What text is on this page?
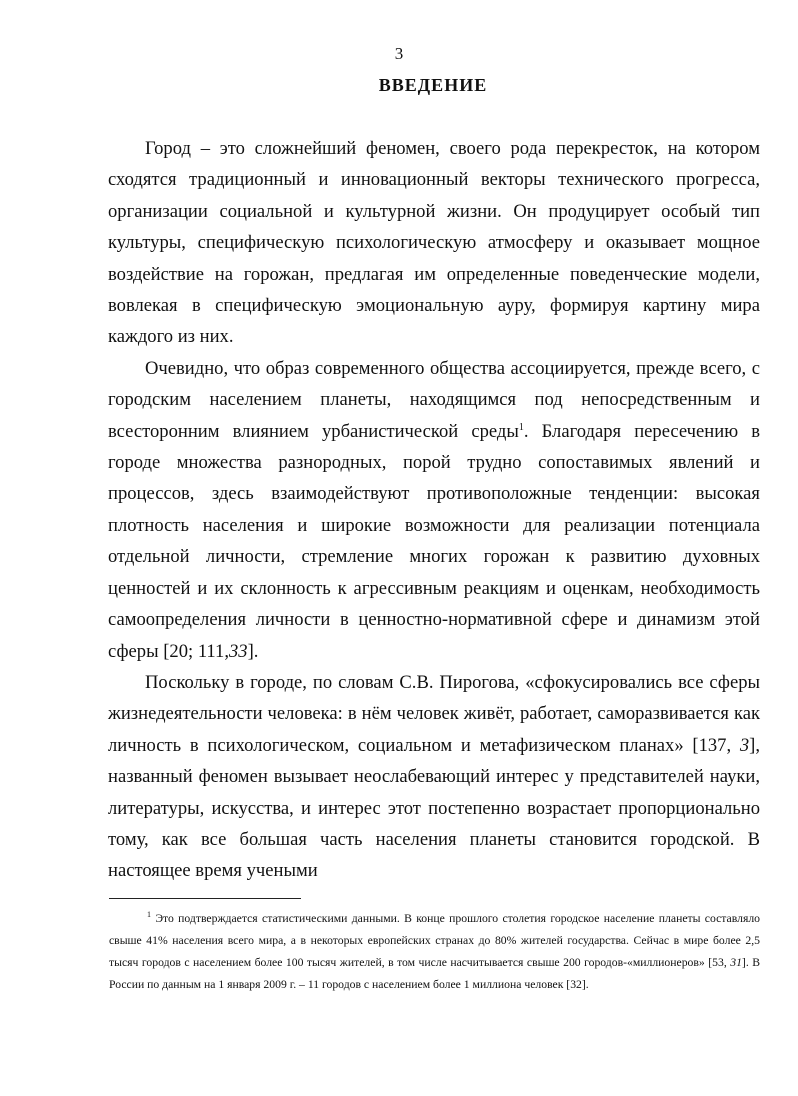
3
ВВЕДЕНИЕ

Город – это сложнейший феномен, своего рода перекресток, на котором сходятся традиционный и инновационный векторы технического прогресса, организации социальной и культурной жизни. Он продуцирует особый тип культуры, специфическую психологическую атмосферу и оказывает мощное воздействие на горожан, предлагая им определенные поведенческие модели, вовлекая в специфическую эмоциональную ауру, формируя картину мира каждого из них.

Очевидно, что образ современного общества ассоциируется, прежде всего, с городским населением планеты, находящимся под непосредственным и всесторонним влиянием урбанистической среды$^1$. Благодаря пересечению в городе множества разнородных, порой трудно сопоставимых явлений и процессов, здесь взаимодействуют противоположные тенденции: высокая плотность населения и широкие возможности для реализации потенциала отдельной личности, стремление многих горожан к развитию духовных ценностей и их склонность к агрессивным реакциям и оценкам, необходимость самоопределения личности в ценностно-нормативной сфере и динамизм этой сферы [20; 111,33].

Поскольку в городе, по словам С.В. Пирогова, «сфокусировались все сферы жизнедеятельности человека: в нём человек живёт, работает, саморазвивается как личность в психологическом, социальном и метафизическом планах» [137, 3], названный феномен вызывает неослабевающий интерес у представителей науки, литературы, искусства, и интерес этот постепенно возрастает пропорционально тому, как все большая часть населения планеты становится городской. В настоящее время учеными

$^1$ Это подтверждается статистическими данными. В конце прошлого столетия городское население планеты составляло свыше 41% населения всего мира, а в некоторых европейских странах до 80% жителей государства. Сейчас в мире более 2,5 тысяч городов с населением более 100 тысяч жителей, в том числе насчитывается свыше 200 городов-«миллионеров» [53, 31]. В России по данным на 1 января 2009 г. – 11 городов с населением более 1 миллиона человек [32].
